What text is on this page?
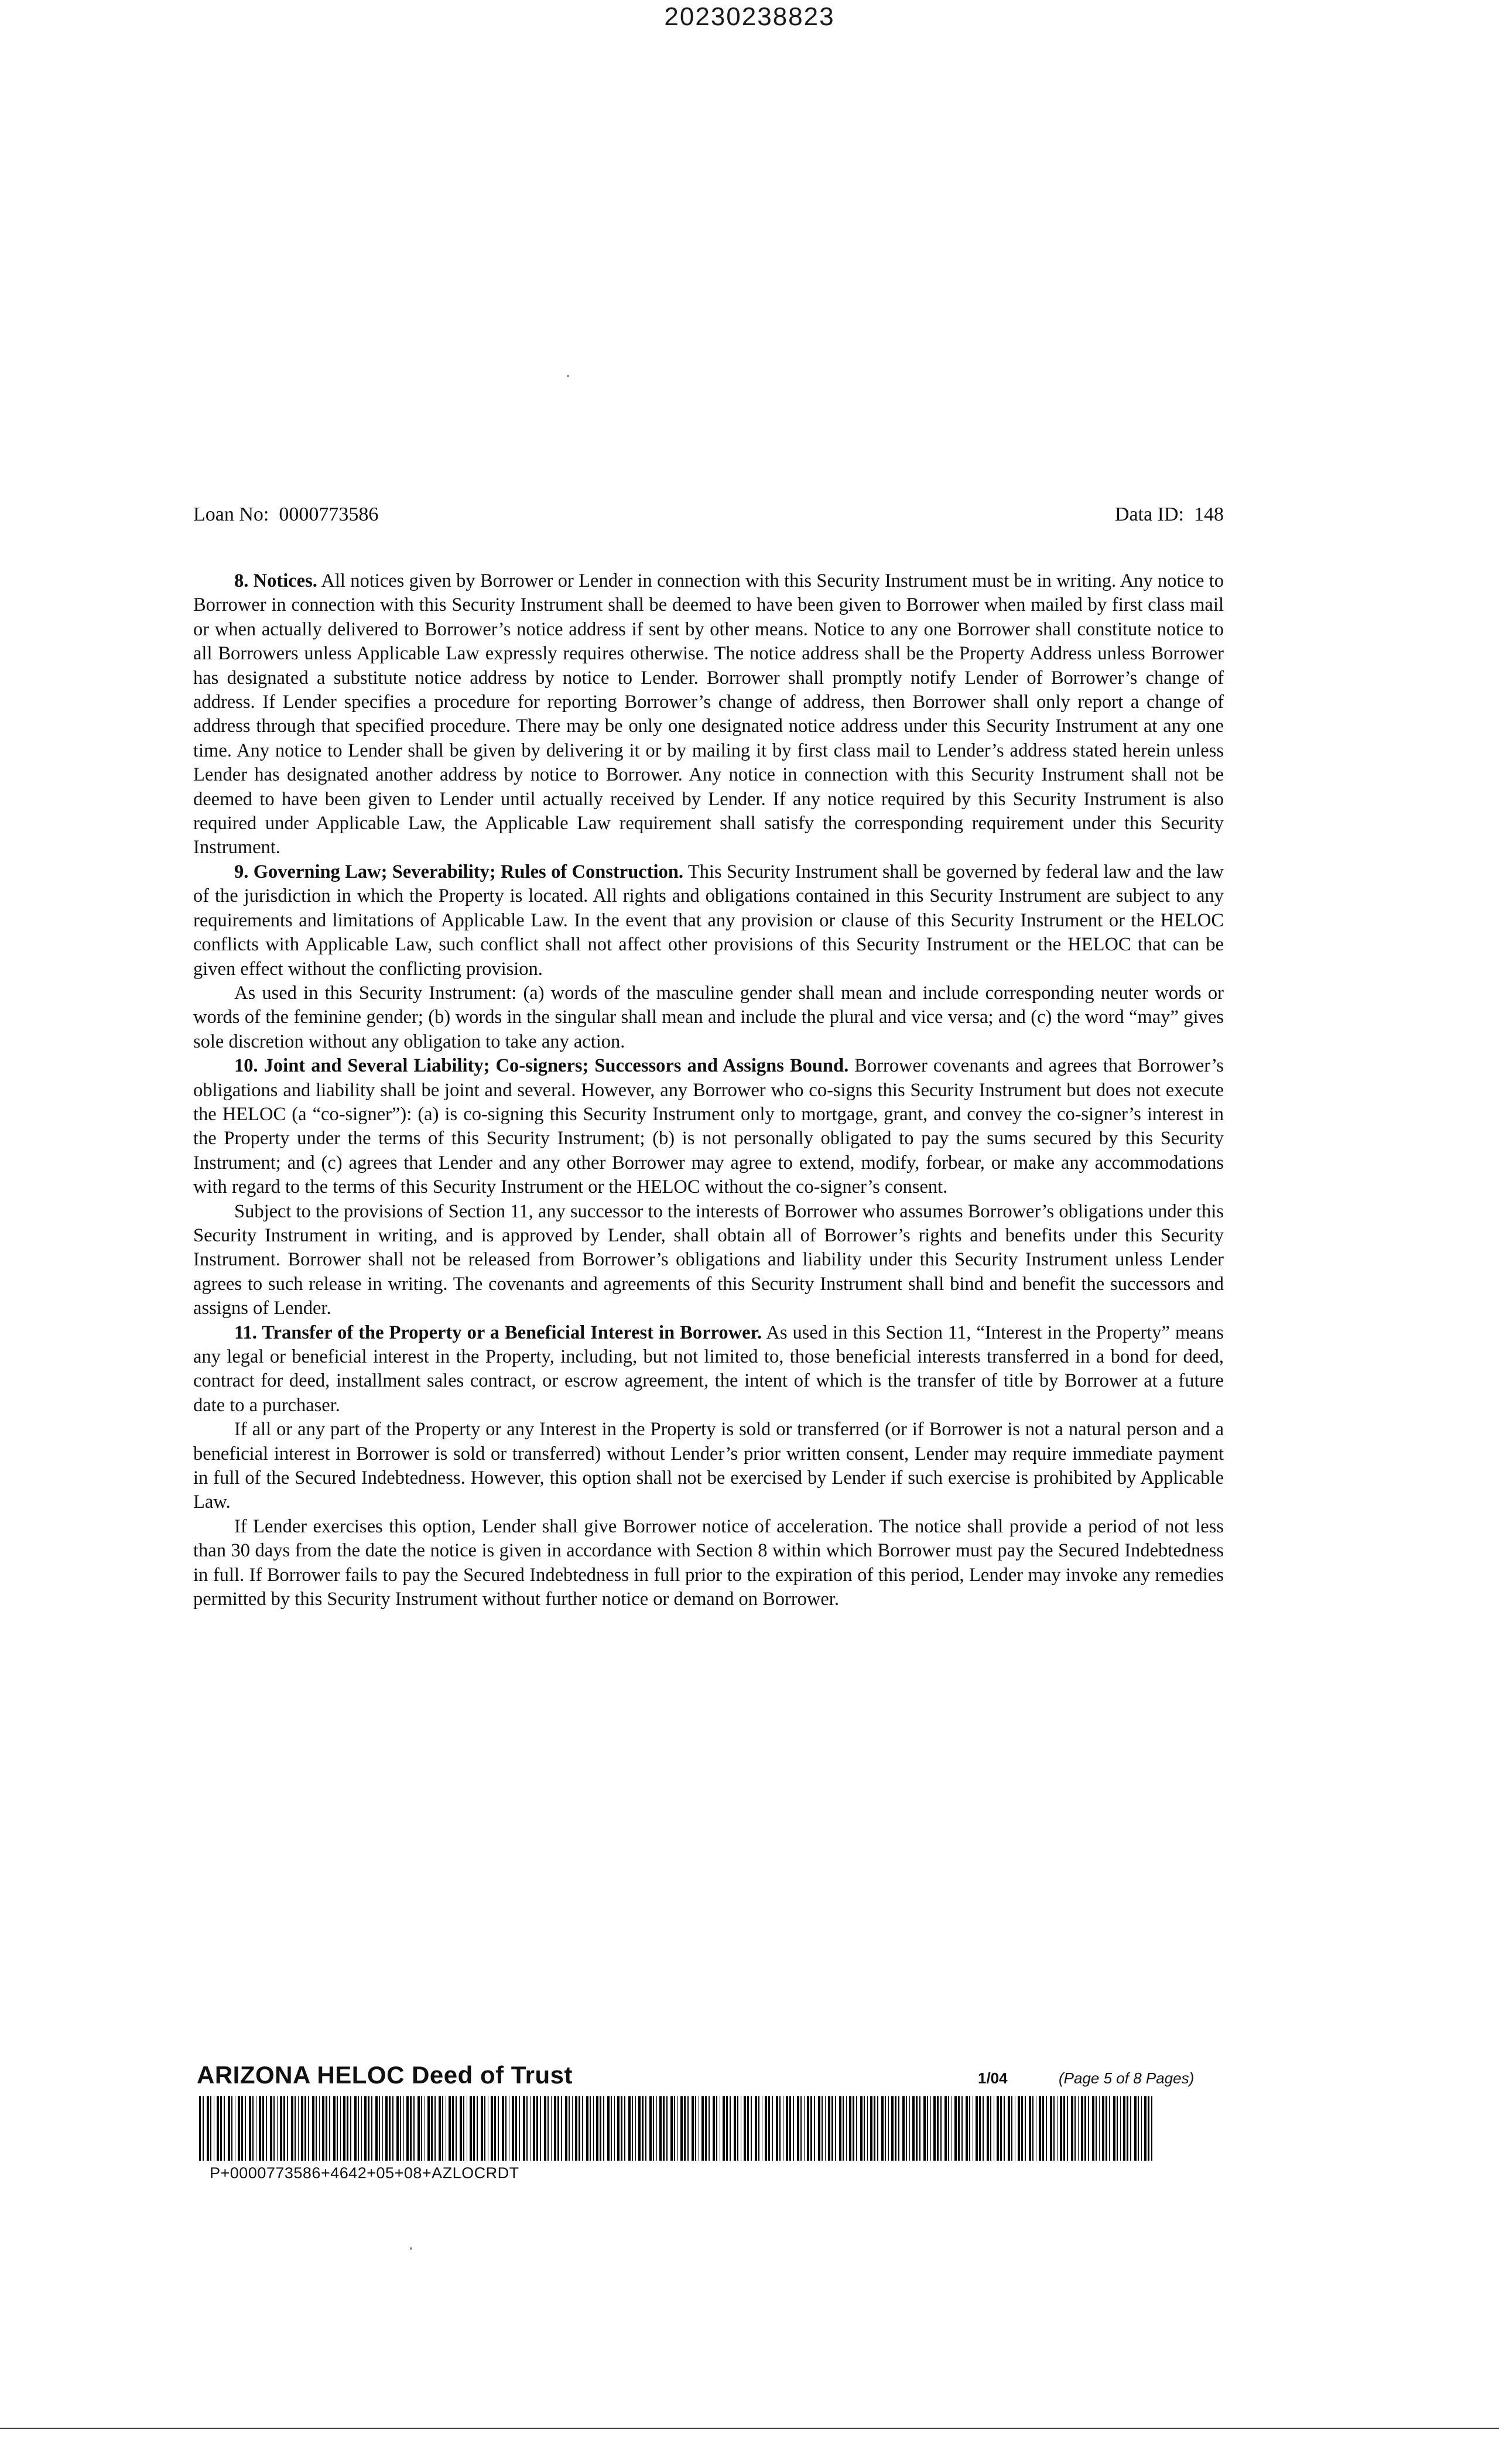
20230238823
Loan No: 0000773586	Data ID: 148

8. Notices. All notices given by Borrower or Lender in connection with this Security Instrument must be in writing. Any notice to Borrower in connection with this Security Instrument shall be deemed to have been given to Borrower when mailed by first class mail or when actually delivered to Borrower’s notice address if sent by other means. Notice to any one Borrower shall constitute notice to all Borrowers unless Applicable Law expressly requires otherwise. The notice address shall be the Property Address unless Borrower has designated a substitute notice address by notice to Lender. Borrower shall promptly notify Lender of Borrower’s change of address. If Lender specifies a procedure for reporting Borrower’s change of address, then Borrower shall only report a change of address through that specified procedure. There may be only one designated notice address under this Security Instrument at any one time. Any notice to Lender shall be given by delivering it or by mailing it by first class mail to Lender’s address stated herein unless Lender has designated another address by notice to Borrower. Any notice in connection with this Security Instrument shall not be deemed to have been given to Lender until actually received by Lender. If any notice required by this Security Instrument is also required under Applicable Law, the Applicable Law requirement shall satisfy the corresponding requirement under this Security Instrument.

9. Governing Law; Severability; Rules of Construction. This Security Instrument shall be governed by federal law and the law of the jurisdiction in which the Property is located. All rights and obligations contained in this Security Instrument are subject to any requirements and limitations of Applicable Law. In the event that any provision or clause of this Security Instrument or the HELOC conflicts with Applicable Law, such conflict shall not affect other provisions of this Security Instrument or the HELOC that can be given effect without the conflicting provision.

As used in this Security Instrument: (a) words of the masculine gender shall mean and include corresponding neuter words or words of the feminine gender; (b) words in the singular shall mean and include the plural and vice versa; and (c) the word “may” gives sole discretion without any obligation to take any action.

10. Joint and Several Liability; Co-signers; Successors and Assigns Bound. Borrower covenants and agrees that Borrower’s obligations and liability shall be joint and several. However, any Borrower who co-signs this Security Instrument but does not execute the HELOC (a “co-signer”): (a) is co-signing this Security Instrument only to mortgage, grant, and convey the co-signer’s interest in the Property under the terms of this Security Instrument; (b) is not personally obligated to pay the sums secured by this Security Instrument; and (c) agrees that Lender and any other Borrower may agree to extend, modify, forbear, or make any accommodations with regard to the terms of this Security Instrument or the HELOC without the co-signer’s consent.

Subject to the provisions of Section 11, any successor to the interests of Borrower who assumes Borrower’s obligations under this Security Instrument in writing, and is approved by Lender, shall obtain all of Borrower’s rights and benefits under this Security Instrument. Borrower shall not be released from Borrower’s obligations and liability under this Security Instrument unless Lender agrees to such release in writing. The covenants and agreements of this Security Instrument shall bind and benefit the successors and assigns of Lender.

11. Transfer of the Property or a Beneficial Interest in Borrower. As used in this Section 11, “Interest in the Property” means any legal or beneficial interest in the Property, including, but not limited to, those beneficial interests transferred in a bond for deed, contract for deed, installment sales contract, or escrow agreement, the intent of which is the transfer of title by Borrower at a future date to a purchaser.

If all or any part of the Property or any Interest in the Property is sold or transferred (or if Borrower is not a natural person and a beneficial interest in Borrower is sold or transferred) without Lender’s prior written consent, Lender may require immediate payment in full of the Secured Indebtedness. However, this option shall not be exercised by Lender if such exercise is prohibited by Applicable Law.

If Lender exercises this option, Lender shall give Borrower notice of acceleration. The notice shall provide a period of not less than 30 days from the date the notice is given in accordance with Section 8 within which Borrower must pay the Secured Indebtedness in full. If Borrower fails to pay the Secured Indebtedness in full prior to the expiration of this period, Lender may invoke any remedies permitted by this Security Instrument without further notice or demand on Borrower.

ARIZONA HELOC Deed of Trust	1/04	(Page 5 of 8 Pages)
P+0000773586+4642+05+08+AZLOCRDT
